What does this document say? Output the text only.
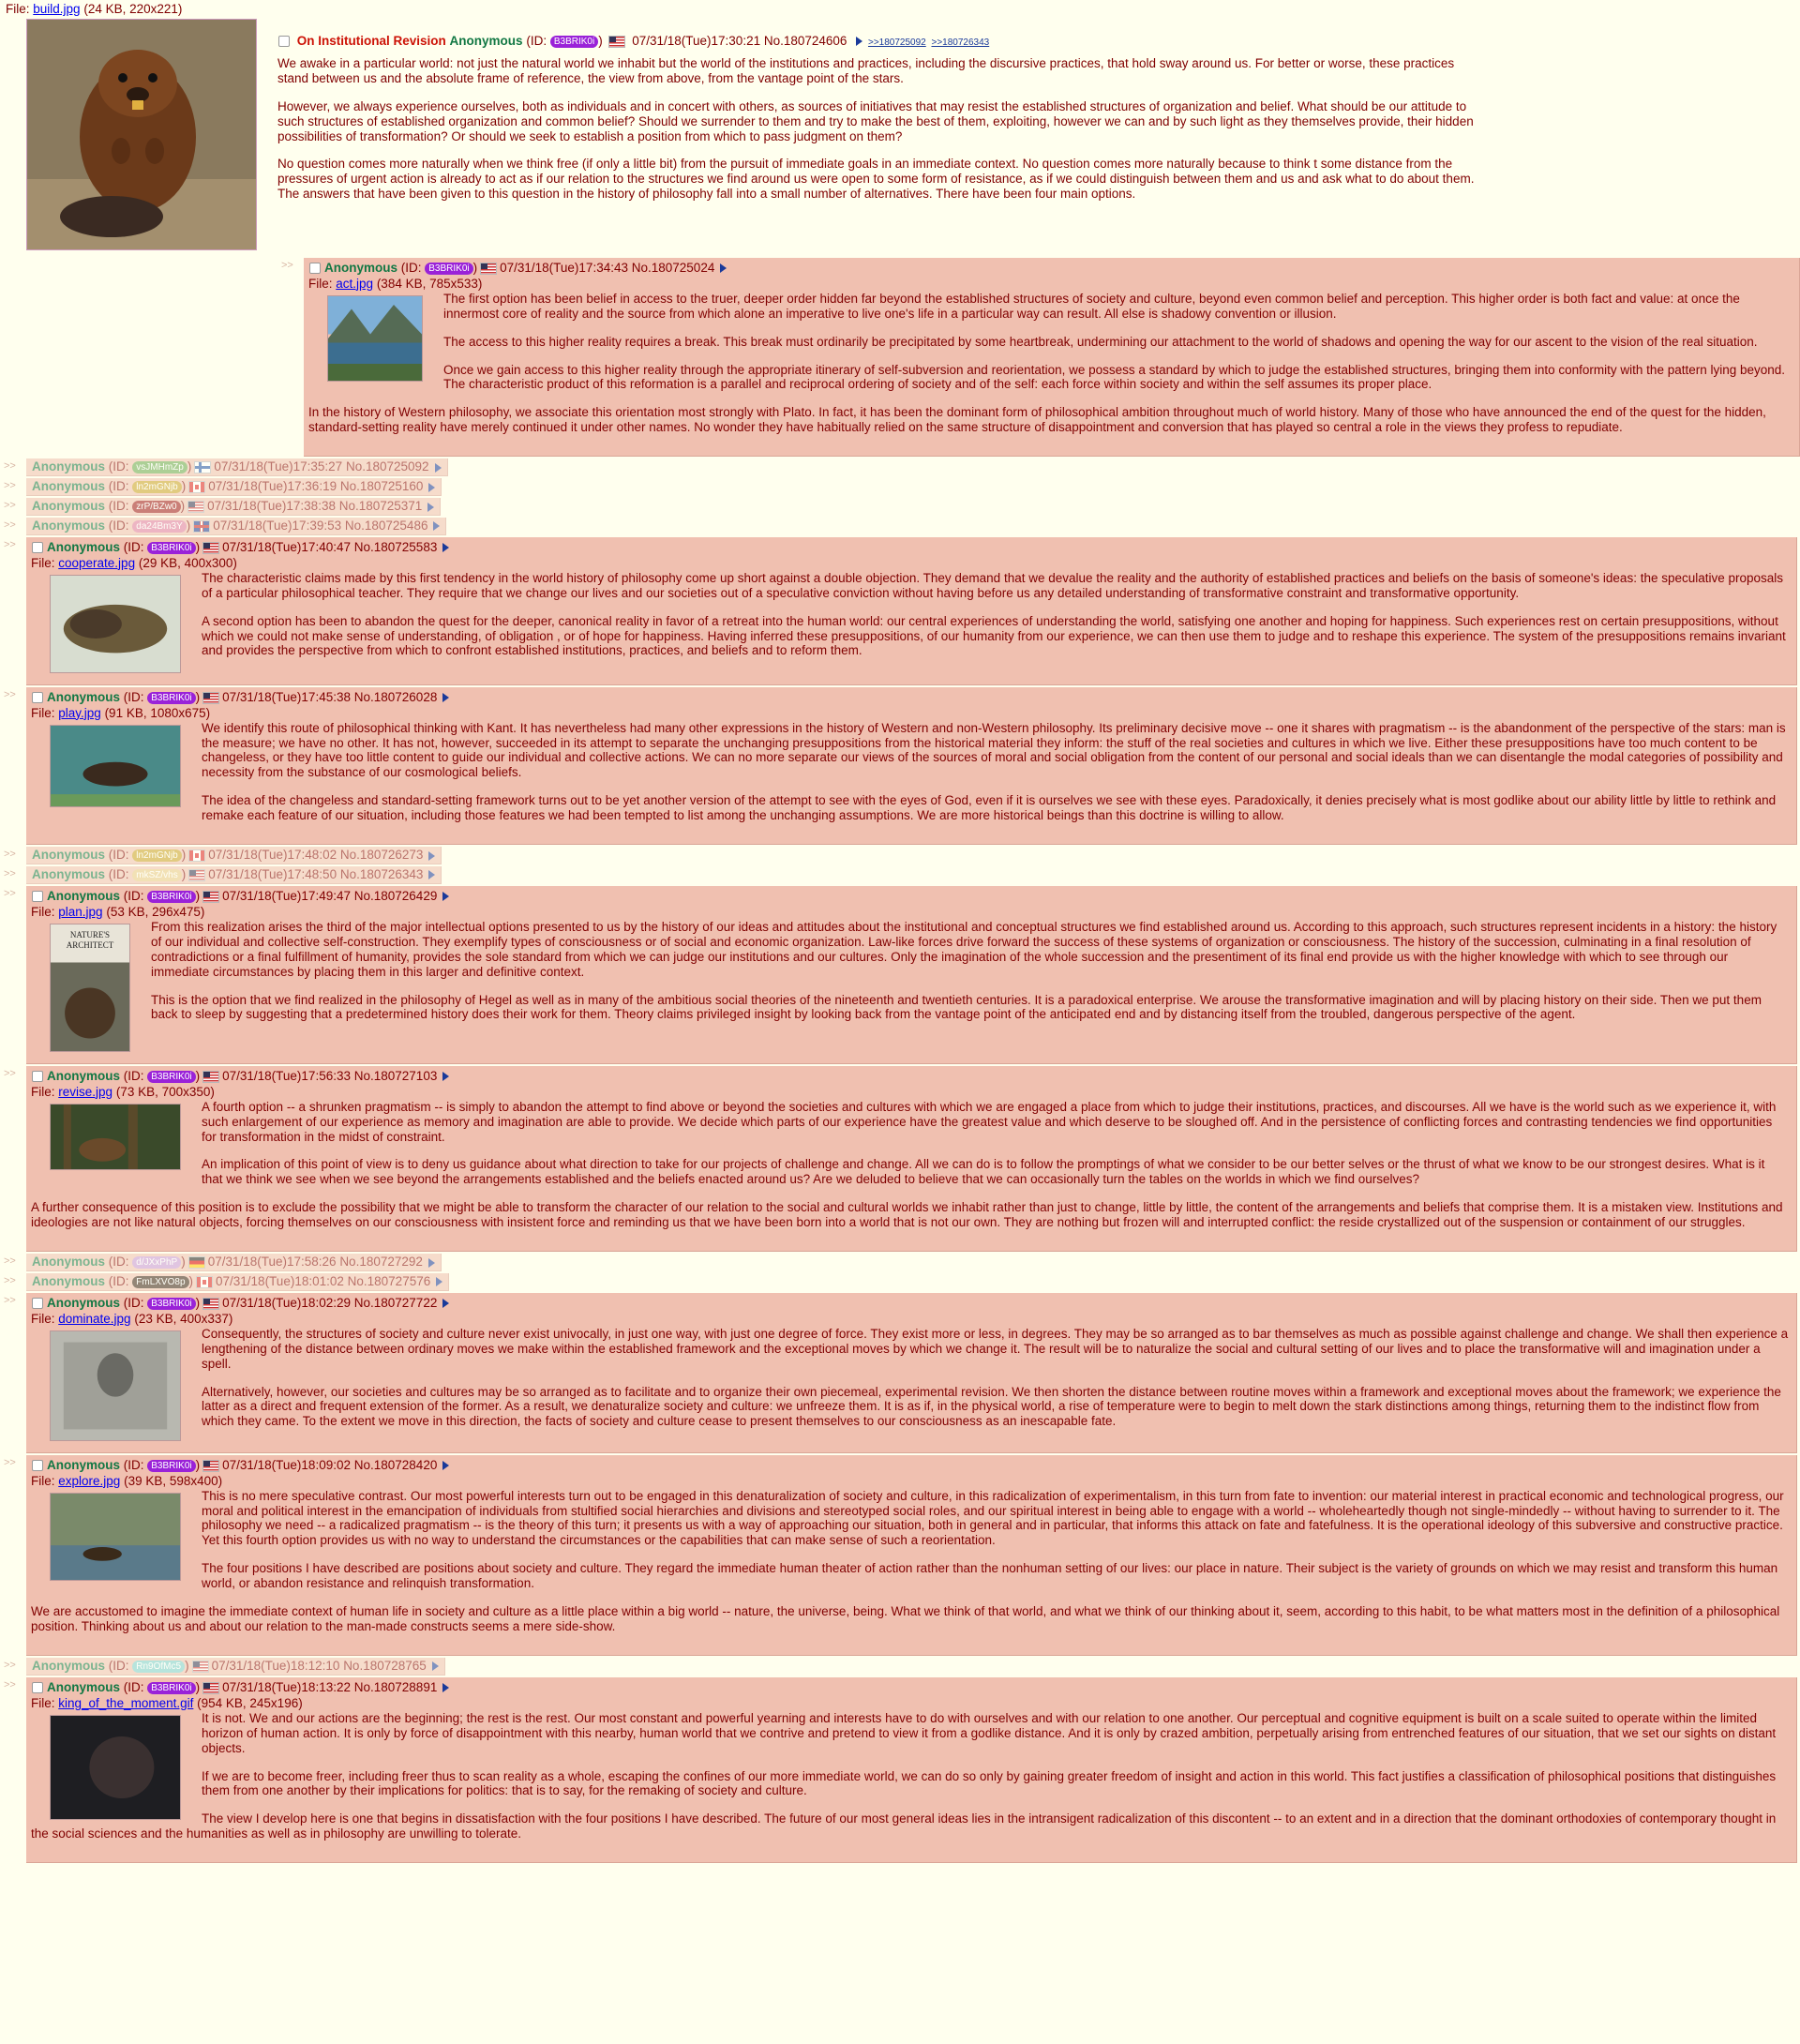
File: build.jpg (24 KB, 220x221)
On Institutional Revision Anonymous (ID: B3BRIK0i ) 07/31/18(Tue)17:30:21 No.180724606 >>180725092 >>180726343

We awake in a particular world: not just the natural world we inhabit but the world of the institutions and practices, including the discursive practices, that hold sway around us. For better or worse, these practices stand between us and the absolute frame of reference, the view from above, from the vantage point of the stars.

However, we always experience ourselves, both as individuals and in concert with others, as sources of initiatives that may resist the established structures of organization and belief. What should be our attitude to such structures of established organization and common belief? Should we surrender to them and try to make the best of them, exploiting, however we can and by such light as they themselves provide, their hidden possibilities of transformation? Or should we seek to establish a position from which to pass judgment on them?

No question comes more naturally when we think free (if only a little bit) from the pursuit of immediate goals in an immediate context. No question comes more naturally because to think t some distance from the pressures of urgent action is already to act as if our relation to the structures we find around us were open to some form of resistance, as if we could distinguish between them and us and ask what to do about them. The answers that have been given to this question in the history of philosophy fall into a small number of alternatives. There have been four main options.

>>	Anonymous (ID: B3BRIK0i ) 07/31/18(Tue)17:34:43 No.180725024
File: act.jpg (384 KB, 785x533)

The first option has been belief in access to the truer, deeper order hidden far beyond the established structures of society and culture, beyond even common belief and perception. This higher order is both fact and value: at once the innermost core of reality and the source from which alone an imperative to live one's life in a particular way can result. All else is shadowy convention or illusion.

The access to this higher reality requires a break. This break must ordinarily be precipitated by some heartbreak, undermining our attachment to the world of shadows and opening the way for our ascent to the vision of the real situation.

Once we gain access to this higher reality through the appropriate itinerary of self-subversion and reorientation, we possess a standard by which to judge the established structures, bringing them into conformity with the pattern lying beyond. The characteristic product of this reformation is a parallel and reciprocal ordering of society and of the self: each force within society and within the self assumes its proper place.

In the history of Western philosophy, we associate this orientation most strongly with Plato. In fact, it has been the dominant form of philosophical ambition throughout much of world history. Many of those who have announced the end of the quest for the hidden, standard-setting reality have merely continued it under other names. No wonder they have habitually relied on the same structure of disappointment and conversion that has played so central a role in the views they profess to repudiate.

>>	Anonymous (ID: vsJMHmZp ) 07/31/18(Tue)17:35:27 No.180725092
>>	Anonymous (ID: ln2mGNjb ) 07/31/18(Tue)17:36:19 No.180725160
>>	Anonymous (ID: zrP/BZw0 ) 07/31/18(Tue)17:38:38 No.180725371
>>	Anonymous (ID: da24Bm3Y ) 07/31/18(Tue)17:39:53 No.180725486
>>	Anonymous (ID: B3BRIK0i ) 07/31/18(Tue)17:40:47 No.180725583
File: cooperate.jpg (29 KB, 400x300)

The characteristic claims made by this first tendency in the world history of philosophy come up short against a double objection. They demand that we devalue the reality and the authority of established practices and beliefs on the basis of someone's ideas: the speculative proposals of a particular philosophical teacher. They require that we change our lives and our societies out of a speculative conviction without having before us any detailed understanding of transformative constraint and transformative opportunity.

A second option has been to abandon the quest for the deeper, canonical reality in favor of a retreat into the human world: our central experiences of understanding the world, satisfying one another and hoping for happiness. Such experiences rest on certain presuppositions, without which we could not make sense of understanding, of obligation , or of hope for happiness. Having inferred these presuppositions, of our humanity from our experience, we can then use them to judge and to reshape this experience. The system of the presuppositions remains invariant and provides the perspective from which to confront established institutions, practices, and beliefs and to reform them.

>>	Anonymous (ID: B3BRIK0i ) 07/31/18(Tue)17:45:38 No.180726028
File: play.jpg (91 KB, 1080x675)

We identify this route of philosophical thinking with Kant. It has nevertheless had many other expressions in the history of Western and non-Western philosophy. Its preliminary decisive move -- one it shares with pragmatism -- is the abandonment of the perspective of the stars: man is the measure; we have no other. It has not, however, succeeded in its attempt to separate the unchanging presuppositions from the historical material they inform: the stuff of the real societies and cultures in which we live. Either these presuppositions have too much content to be changeless, or they have too little content to guide our individual and collective actions. We can no more separate our views of the sources of moral and social obligation from the content of our personal and social ideals than we can disentangle the modal categories of possibility and necessity from the substance of our cosmological beliefs.

The idea of the changeless and standard-setting framework turns out to be yet another version of the attempt to see with the eyes of God, even if it is ourselves we see with these eyes. Paradoxically, it denies precisely what is most godlike about our ability little by little to rethink and remake each feature of our situation, including those features we had been tempted to list among the unchanging assumptions. We are more historical beings than this doctrine is willing to allow.

>>	Anonymous (ID: ln2mGNjb ) 07/31/18(Tue)17:48:02 No.180726273
>>	Anonymous (ID: mkSZ/vhs ) 07/31/18(Tue)17:48:50 No.180726343
>>	Anonymous (ID: B3BRIK0i ) 07/31/18(Tue)17:49:47 No.180726429
File: plan.jpg (53 KB, 296x475)
NATURE'S
ARCHITECT

From this realization arises the third of the major intellectual options presented to us by the history of our ideas and attitudes about the institutional and conceptual structures we find established around us. According to this approach, such structures represent incidents in a history: the history of our individual and collective self-construction. They exemplify types of consciousness or of social and economic organization. Law-like forces drive forward the success of these systems of organization or consciousness. The history of the succession, culminating in a final resolution of contradictions or a final fulfillment of humanity, provides the sole standard from which we can judge our institutions and our cultures. Only the imagination of the whole succession and the presentiment of its final end provide us with the higher knowledge with which to see through our immediate circumstances by placing them in this larger and definitive context.

This is the option that we find realized in the philosophy of Hegel as well as in many of the ambitious social theories of the nineteenth and twentieth centuries. It is a paradoxical enterprise. We arouse the transformative imagination and will by placing history on their side. Then we put them back to sleep by suggesting that a predetermined history does their work for them. Theory claims privileged insight by looking back from the vantage point of the anticipated end and by distancing itself from the troubled, dangerous perspective of the agent.

>>	Anonymous (ID: B3BRIK0i ) 07/31/18(Tue)17:56:33 No.180727103
File: revise.jpg (73 KB, 700x350)

A fourth option -- a shrunken pragmatism -- is simply to abandon the attempt to find above or beyond the societies and cultures with which we are engaged a place from which to judge their institutions, practices, and discourses. All we have is the world such as we experience it, with such enlargement of our experience as memory and imagination are able to provide. We decide which parts of our experience have the greatest value and which deserve to be sloughed off. And in the persistence of conflicting forces and contrasting tendencies we find opportunities for transformation in the midst of constraint.

An implication of this point of view is to deny us guidance about what direction to take for our projects of challenge and change. All we can do is to follow the promptings of what we consider to be our better selves or the thrust of what we know to be our strongest desires. What is it that we think we see when we see beyond the arrangements established and the beliefs enacted around us? Are we deluded to believe that we can occasionally turn the tables on the worlds in which we find ourselves?

A further consequence of this position is to exclude the possibility that we might be able to transform the character of our relation to the social and cultural worlds we inhabit rather than just to change, little by little, the content of the arrangements and beliefs that comprise them. It is a mistaken view. Institutions and ideologies are not like natural objects, forcing themselves on our consciousness with insistent force and reminding us that we have been born into a world that is not our own. They are nothing but frozen will and interrupted conflict: the reside crystallized out of the suspension or containment of our struggles.

>>	Anonymous (ID: d/JXxPhP ) 07/31/18(Tue)17:58:26 No.180727292
>>	Anonymous (ID: FmLXVO8p ) 07/31/18(Tue)18:01:02 No.180727576
>>	Anonymous (ID: B3BRIK0i ) 07/31/18(Tue)18:02:29 No.180727722
File: dominate.jpg (23 KB, 400x337)

Consequently, the structures of society and culture never exist univocally, in just one way, with just one degree of force. They exist more or less, in degrees. They may be so arranged as to bar themselves as much as possible against challenge and change. We shall then experience a lengthening of the distance between ordinary moves we make within the established framework and the exceptional moves by which we change it. The result will be to naturalize the social and cultural setting of our lives and to place the transformative will and imagination under a spell.

Alternatively, however, our societies and cultures may be so arranged as to facilitate and to organize their own piecemeal, experimental revision. We then shorten the distance between routine moves within a framework and exceptional moves about the framework; we experience the latter as a direct and frequent extension of the former. As a result, we denaturalize society and culture: we unfreeze them. It is as if, in the physical world, a rise of temperature were to begin to melt down the stark distinctions among things, returning them to the indistinct flow from which they came. To the extent we move in this direction, the facts of society and culture cease to present themselves to our consciousness as an inescapable fate.

>>	Anonymous (ID: B3BRIK0i ) 07/31/18(Tue)18:09:02 No.180728420
File: explore.jpg (39 KB, 598x400)

This is no mere speculative contrast. Our most powerful interests turn out to be engaged in this denaturalization of society and culture, in this radicalization of experimentalism, in this turn from fate to invention: our material interest in practical economic and technological progress, our moral and political interest in the emancipation of individuals from stultified social hierarchies and divisions and stereotyped social roles, and our spiritual interest in being able to engage with a world -- wholeheartedly though not single-mindedly -- without having to surrender to it. The philosophy we need -- a radicalized pragmatism -- is the theory of this turn; it presents us with a way of approaching our situation, both in general and in particular, that informs this attack on fate and fatefulness. It is the operational ideology of this subversive and constructive practice. Yet this fourth option provides us with no way to understand the circumstances or the capabilities that can make sense of such a reorientation.

The four positions I have described are positions about society and culture. They regard the immediate human theater of action rather than the nonhuman setting of our lives: our place in nature. Their subject is the variety of grounds on which we may resist and transform this human world, or abandon resistance and relinquish transformation.

We are accustomed to imagine the immediate context of human life in society and culture as a little place within a big world -- nature, the universe, being. What we think of that world, and what we think of our thinking about it, seem, according to this habit, to be what matters most in the definition of a philosophical position. Thinking about us and about our relation to the man-made constructs seems a mere side-show.

>>	Anonymous (ID: Rn9OfMc5 ) 07/31/18(Tue)18:12:10 No.180728765
>>	Anonymous (ID: B3BRIK0i ) 07/31/18(Tue)18:13:22 No.180728891
File: king_of_the_moment.gif (954 KB, 245x196)

It is not. We and our actions are the beginning; the rest is the rest. Our most constant and powerful yearning and interests have to do with ourselves and with our relation to one another. Our perceptual and cognitive equipment is built on a scale suited to operate within the limited horizon of human action. It is only by force of disappointment with this nearby, human world that we contrive and pretend to view it from a godlike distance. And it is only by crazed ambition, perpetually arising from entrenched features of our situation, that we set our sights on distant objects.

If we are to become freer, including freer thus to scan reality as a whole, escaping the confines of our more immediate world, we can do so only by gaining greater freedom of insight and action in this world. This fact justifies a classification of philosophical positions that distinguishes them from one another by their implications for politics: that is to say, for the remaking of society and culture.

The view I develop here is one that begins in dissatisfaction with the four positions I have described. The future of our most general ideas lies in the intransigent radicalization of this discontent -- to an extent and in a direction that the dominant orthodoxies of contemporary thought in the social sciences and the humanities as well as in philosophy are unwilling to tolerate.
